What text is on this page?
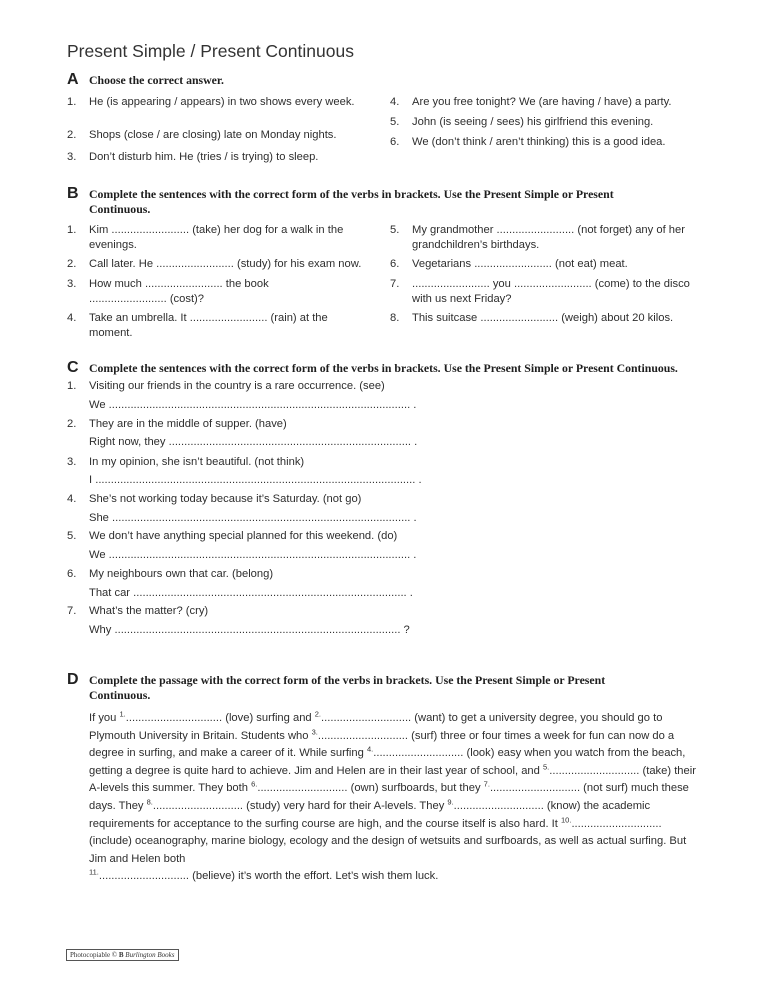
Present Simple / Present Continuous
A Choose the correct answer.
1. He (is appearing / appears) in two shows every week.
2. Shops (close / are closing) late on Monday nights.
3. Don’t disturb him. He (tries / is trying) to sleep.
4. Are you free tonight? We (are having / have) a party.
5. John (is seeing / sees) his girlfriend this evening.
6. We (don’t think / aren’t thinking) this is a good idea.
B Complete the sentences with the correct form of the verbs in brackets. Use the Present Simple or Present Continuous.
1. Kim ......................... (take) her dog for a walk in the evenings.
2. Call later. He ......................... (study) for his exam now.
3. How much ......................... the book ......................... (cost)?
4. Take an umbrella. It ......................... (rain) at the moment.
5. My grandmother ......................... (not forget) any of her grandchildren’s birthdays.
6. Vegetarians ......................... (not eat) meat.
7. ......................... you ......................... (come) to the disco with us next Friday?
8. This suitcase ......................... (weigh) about 20 kilos.
C Complete the sentences with the correct form of the verbs in brackets. Use the Present Simple or Present Continuous.
1. Visiting our friends in the country is a rare occurrence. (see)
We ................................................................................................. .
2. They are in the middle of supper. (have)
Right now, they .............................................................................. .
3. In my opinion, she isn’t beautiful. (not think)
I ....................................................................................................... .
4. She’s not working today because it’s Saturday. (not go)
She ................................................................................................ .
5. We don’t have anything special planned for this weekend. (do)
We ................................................................................................. .
6. My neighbours own that car. (belong)
That car ........................................................................................ .
7. What’s the matter? (cry)
Why ............................................................................................ ?
D Complete the passage with the correct form of the verbs in brackets. Use the Present Simple or Present Continuous.
If you $^{1.}$............................... (love) surfing and $^{2.}$............................. (want) to get a university degree, you should go to Plymouth University in Britain. Students who $^{3.}$............................. (surf) three or four times a week for fun can now do a degree in surfing, and make a career of it. While surfing $^{4.}$............................. (look) easy when you watch from the beach, getting a degree is quite hard to achieve. Jim and Helen are in their last year of school, and $^{5.}$............................. (take) their A-levels this summer. They both $^{6.}$............................. (own) surfboards, but they $^{7.}$............................. (not surf) much these days. They $^{8.}$............................. (study) very hard for their A-levels. They $^{9.}$............................. (know) the academic requirements for acceptance to the surfing course are high, and the course itself is also hard. It $^{10.}$............................. (include) oceanography, marine biology, ecology and the design of wetsuits and surfboards, as well as actual surfing. But Jim and Helen both
$^{11.}$............................. (believe) it’s worth the effort. Let’s wish them luck.
Photocopiable © B Burlington Books
